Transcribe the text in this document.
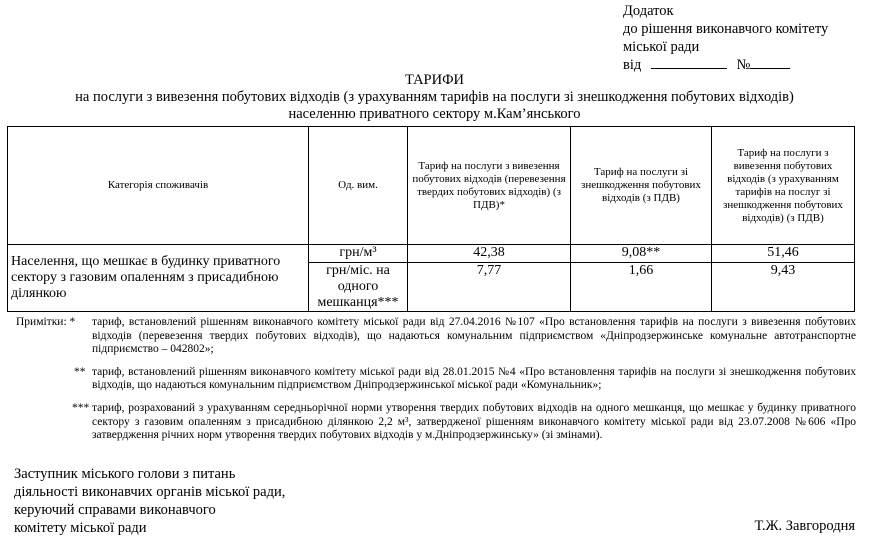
Додаток
до рішення виконавчого комітету
міської ради
від	№
ТАРИФИ
на послуги з вивезення побутових відходів (з урахуванням тарифів на послуги зі знешкодження побутових відходів)
населенню приватного сектору м.Кам’янського
Категорія споживачів	Од. вим.	Тариф на послуги з вивезення побутових відходів (перевезення твердих побутових відходів) (з ПДВ)*	Тариф на послуги зі знешкодження побутових відходів (з ПДВ)	Тариф на послуги з вивезення побутових відходів (з урахуванням тарифів на послуг зі знешкодження побутових відходів) (з ПДВ)
Населення, що мешкає в будинку приватного сектору з газовим опаленням з присадибною ділянкою	грн/м³	42,38	9,08**	51,46
	грн/міс. на одного мешканця***	7,77	1,66	9,43
Примітки: * тариф, встановлений рішенням виконавчого комітету міської ради від 27.04.2016 №107 «Про встановлення тарифів на послуги з вивезення побутових відходів (перевезення твердих побутових відходів), що надаються комунальним підприємством «Дніпродзержинське комунальне автотранспортне підприємство – 042802»;
** тариф, встановлений рішенням виконавчого комітету міської ради від 28.01.2015 №4 «Про встановлення тарифів на послуги зі знешкодження побутових відходів, що надаються комунальним підприємством Дніпродзержинської міської ради «Комунальник»;
*** тариф, розрахований з урахуванням середньорічної норми утворення твердих побутових відходів на одного мешканця, що мешкає у будинку приватного сектору з газовим опаленням з присадибною ділянкою 2,2 м³, затвердженої рішенням виконавчого комітету міської ради від 23.07.2008 №606 «Про затвердження річних норм утворення твердих побутових відходів у м.Дніпродзержинську» (зі змінами).
Заступник міського голови з питань
діяльності виконавчих органів міської ради,
керуючий справами виконавчого
комітету міської ради	Т.Ж. Завгородня
